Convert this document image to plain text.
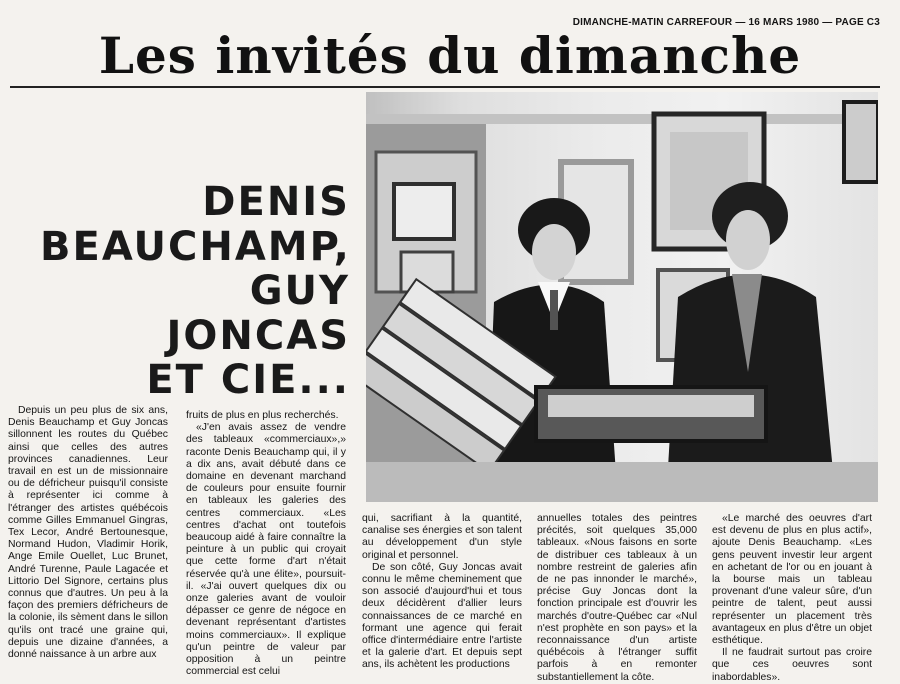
DIMANCHE-MATIN CARREFOUR — 16 MARS 1980 — PAGE C3
Les invités du dimanche
DENIS
BEAUCHAMP,
GUY
JONCAS
ET CIE...

Depuis un peu plus de six ans, Denis Beauchamp et Guy Joncas sillonnent les routes du Québec ainsi que celles des autres provinces canadiennes. Leur travail en est un de missionnaire ou de défricheur puisqu'il consiste à représenter ici comme à l'étranger des artistes québécois comme Gilles Emmanuel Gingras, Tex Lecor, André Bertounesque, Normand Hudon, Vladimir Horik, Ange Emile Ouellet, Luc Brunet, André Turenne, Paule Lagacée et Littorio Del Signore, certains plus connus que d'autres. Un peu à la façon des premiers défricheurs de la colonie, ils sèment dans le sillon qu'ils ont tracé une graine qui, depuis une dizaine d'années, a donné naissance à un arbre aux

fruits de plus en plus recherchés.

«J'en avais assez de vendre des tableaux «commerciaux»,» raconte Denis Beauchamp qui, il y a dix ans, avait débuté dans ce domaine en devenant marchand de couleurs pour ensuite fournir en tableaux les galeries des centres commerciaux. «Les centres d'achat ont toutefois beaucoup aidé à faire connaître la peinture à un public qui croyait que cette forme d'art n'était réservée qu'à une élite», poursuit-il. «J'ai ouvert quelques dix ou onze galeries avant de vouloir dépasser ce genre de négoce en devenant représentant d'artistes moins commerciaux». Il explique qu'un peintre de valeur par opposition à un peintre commercial est celui

qui, sacrifiant à la quantité, canalise ses énergies et son talent au développement d'un style original et personnel.

De son côté, Guy Joncas avait connu le même cheminement que son associé d'aujourd'hui et tous deux décidèrent d'allier leurs connaissances de ce marché en formant une agence qui ferait office d'intermédiaire entre l'artiste et la galerie d'art. Et depuis sept ans, ils achètent les productions

annuelles totales des peintres précités, soit quelques 35,000 tableaux. «Nous faisons en sorte de distribuer ces tableaux à un nombre restreint de galeries afin de ne pas innonder le marché», précise Guy Joncas dont la fonction principale est d'ouvrir les marchés d'outre-Québec car «Nul n'est prophète en son pays» et la reconnaissance d'un artiste québécois à l'étranger suffit parfois à en remonter substantiellement la côte.

«Le marché des oeuvres d'art est devenu de plus en plus actif», ajoute Denis Beauchamp. «Les gens peuvent investir leur argent en achetant de l'or ou en jouant à la bourse mais un tableau provenant d'une valeur sûre, d'un peintre de talent, peut aussi représenter un placement très avantageux en plus d'être un objet esthétique.

Il ne faudrait surtout pas croire que ces oeuvres sont inabordables».
